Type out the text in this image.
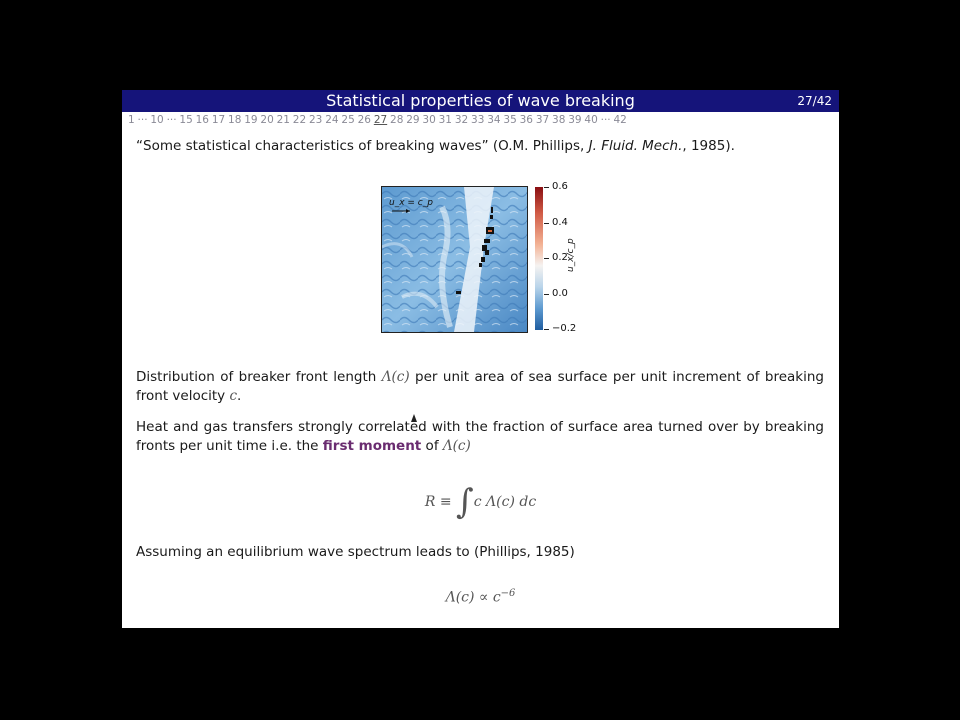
Statistical properties of wave breaking	27/42
1 ··· 10 ··· 15 16 17 18 19 20 21 22 23 24 25 26 27 28 29 30 31 32 33 34 35 36 37 38 39 40 ··· 42
“Some statistical characteristics of breaking waves” (O.M. Phillips, J. Fluid. Mech., 1985).
u_x = c_p
0.6
0.4
0.2
0.0
−0.2
u_x/c_p
Distribution of breaker front length Λ(c) per unit area of sea surface per unit increment of breaking front velocity c.
Heat and gas transfers strongly correlated with the fraction of surface area turned over by breaking fronts per unit time i.e. the first moment of Λ(c)
R ≡ ∫c Λ(c) dc
Assuming an equilibrium wave spectrum leads to (Phillips, 1985)
$\Lambda(c) \propto c^{-6}$
